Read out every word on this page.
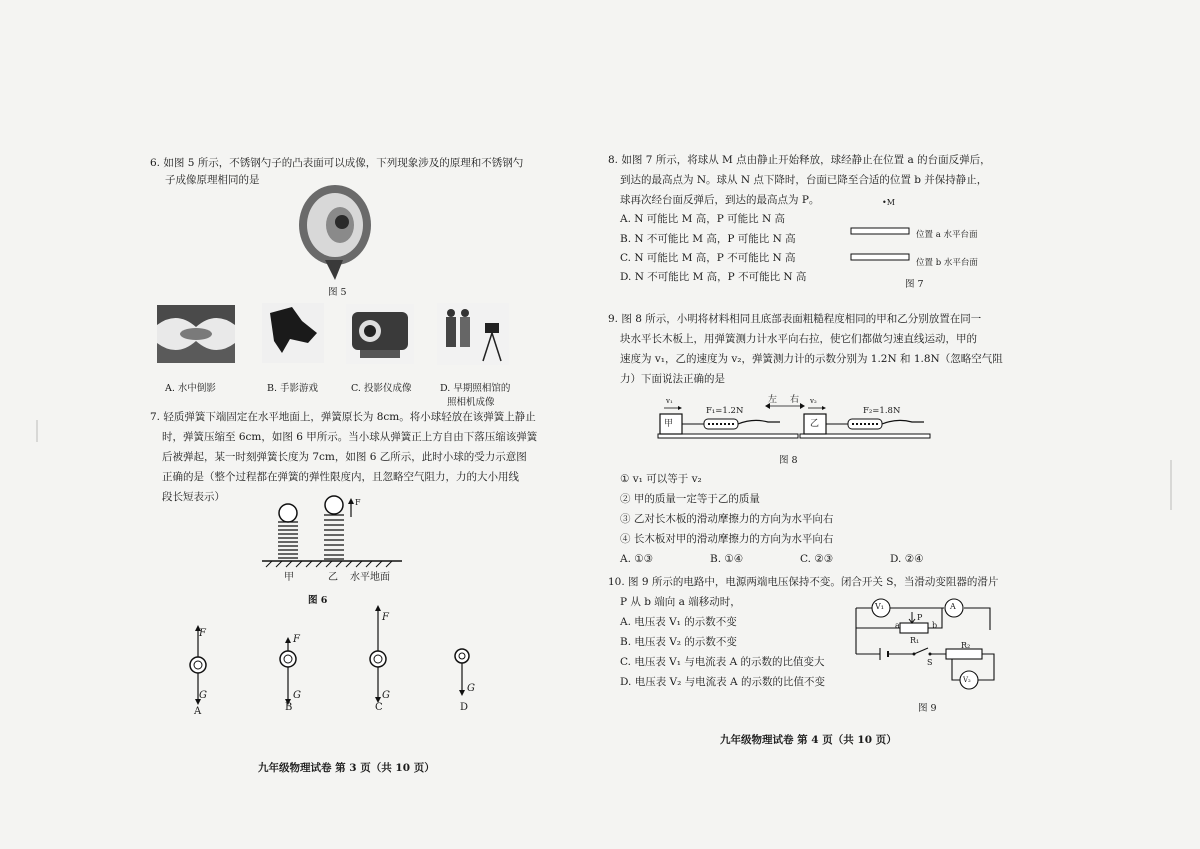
6. 如图 5 所示，不锈钢勺子的凸表面可以成像，下列现象涉及的原理和不锈钢勺
子成像原理相同的是
图 5
A. 水中倒影	B. 手影游戏	C. 投影仪成像	D. 早期照相馆的
照相机成像
7. 轻质弹簧下端固定在水平地面上，弹簧原长为 8cm。将小球轻放在该弹簧上静止
时，弹簧压缩至 6cm，如图 6 甲所示。当小球从弹簧正上方自由下落压缩该弹簧
后被弹起，某一时刻弹簧长度为 7cm，如图 6 乙所示，此时小球的受力示意图
正确的是（整个过程都在弹簧的弹性限度内，且忽略空气阻力，力的大小用线
段长短表示）	F
甲	乙 水平地面
图 6
F
G
F
G
F
G
G
A	B	C	D
九年级物理试卷 第 3 页（共 10 页）
8. 如图 7 所示，将球从 M 点由静止开始释放，球经静止在位置 a 的台面反弹后，
到达的最高点为 N。球从 N 点下降时，台面已降至合适的位置 b 并保持静止，
球再次经台面反弹后，到达的最高点为 P。	•M
A. N 可能比 M 高，P 可能比 N 高
B. N 不可能比 M 高，P 可能比 N 高
C. N 可能比 M 高，P 不可能比 N 高
D. N 不可能比 M 高，P 不可能比 N 高
位置 a 水平台面
位置 b 水平台面
图 7
9. 图 8 所示，小明将材料相同且底部表面粗糙程度相同的甲和乙分别放置在同一
块水平长木板上，用弹簧测力计水平向右拉，使它们都做匀速直线运动，甲的
速度为 v₁，乙的速度为 v₂，弹簧测力计的示数分别为 1.2N 和 1.8N（忽略空气阻
力）下面说法正确的是
左 右
甲
v₁
F₁=1.2N
乙
v₂
F₂=1.8N
图 8
① v₁ 可以等于 v₂
② 甲的质量一定等于乙的质量
③ 乙对长木板的滑动摩擦力的方向为水平向右
④ 长木板对甲的滑动摩擦力的方向为水平向右
A. ①③	B. ①④	C. ②③	D. ②④
10. 图 9 所示的电路中，电源两端电压保持不变。闭合开关 S，当滑动变阻器的滑片
P 从 b 端向 a 端移动时，
A. 电压表 V₁ 的示数不变
B. 电压表 V₂ 的示数不变
C. 电压表 V₁ 与电流表 A 的示数的比值变大
D. 电压表 V₂ 与电流表 A 的示数的比值不变
V₁	A
P
a	b
R₁
R₂
S
V₂
图 9
九年级物理试卷 第 4 页（共 10 页）
